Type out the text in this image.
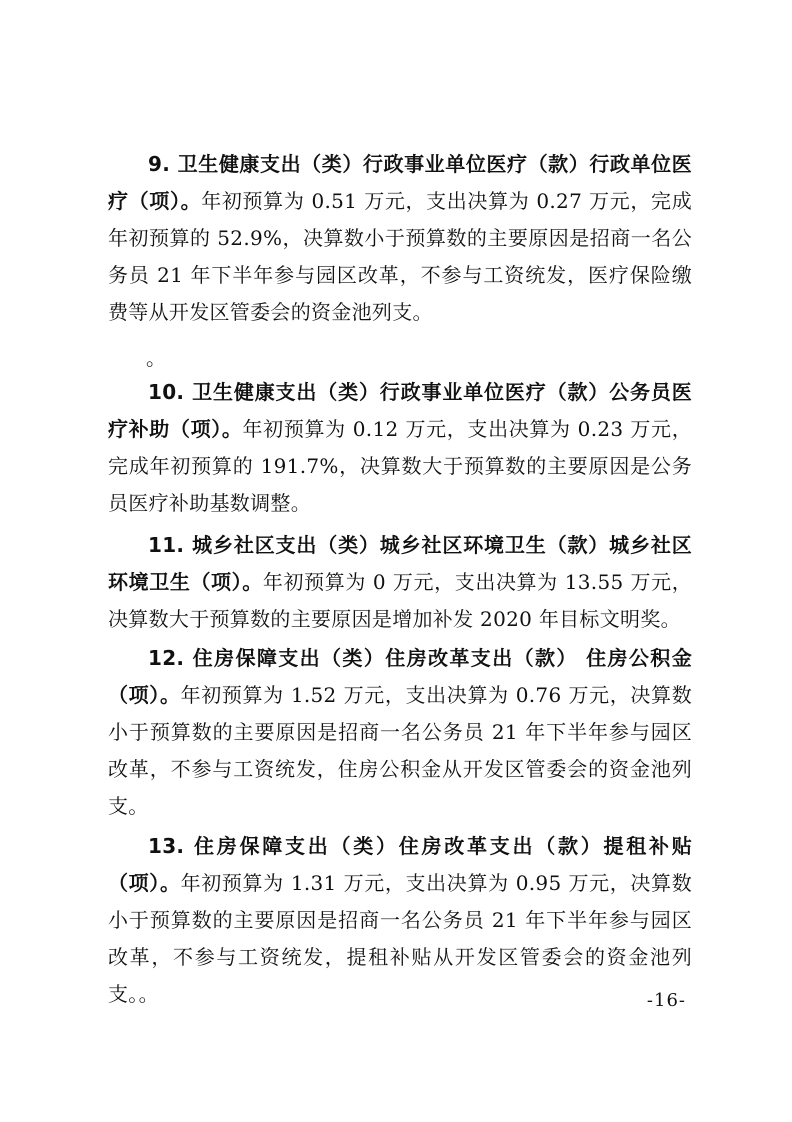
9. 卫生健康支出（类）行政事业单位医疗（款）行政单位医疗（项）。年初预算为 0.51 万元，支出决算为 0.27 万元，完成年初预算的 52.9%，决算数小于预算数的主要原因是招商一名公务员 21 年下半年参与园区改革，不参与工资统发，医疗保险缴费等从开发区管委会的资金池列支。

。

10. 卫生健康支出（类）行政事业单位医疗（款）公务员医疗补助（项）。年初预算为 0.12 万元，支出决算为 0.23 万元，完成年初预算的 191.7%，决算数大于预算数的主要原因是公务员医疗补助基数调整。

11. 城乡社区支出（类）城乡社区环境卫生（款）城乡社区环境卫生（项）。年初预算为 0 万元，支出决算为 13.55 万元，决算数大于预算数的主要原因是增加补发 2020 年目标文明奖。

12. 住房保障支出（类）住房改革支出（款） 住房公积金（项）。年初预算为 1.52 万元，支出决算为 0.76 万元，决算数小于预算数的主要原因是招商一名公务员 21 年下半年参与园区改革，不参与工资统发，住房公积金从开发区管委会的资金池列支。

13. 住房保障支出（类）住房改革支出（款）提租补贴（项）。年初预算为 1.31 万元，支出决算为 0.95 万元，决算数小于预算数的主要原因是招商一名公务员 21 年下半年参与园区改革，不参与工资统发，提租补贴从开发区管委会的资金池列支。。	-16-
